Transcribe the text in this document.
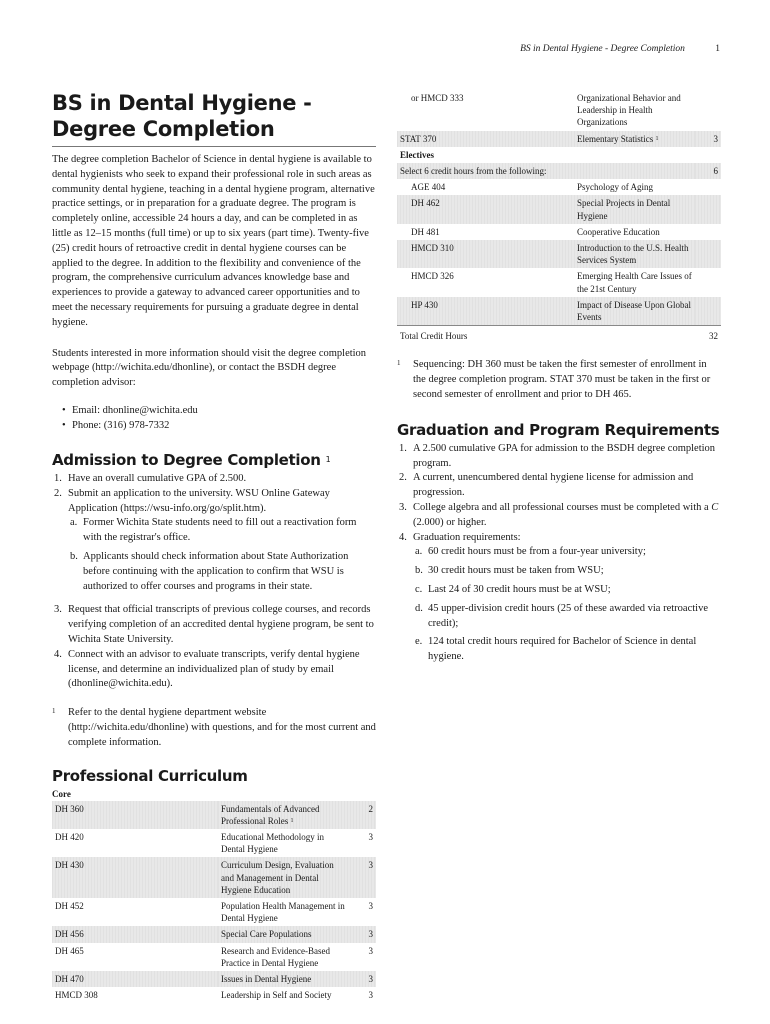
BS in Dental Hygiene - Degree Completion	1
BS in Dental Hygiene - Degree Completion

The degree completion Bachelor of Science in dental hygiene is available to dental hygienists who seek to expand their professional role in such areas as community dental hygiene, teaching in a dental hygiene program, alternative practice settings, or in preparation for a graduate degree. The program is completely online, accessible 24 hours a day, and can be completed in as little as 12–15 months (full time) or up to six years (part time). Twenty-five (25) credit hours of retroactive credit in dental hygiene courses can be applied to the degree. In addition to the flexibility and convenience of the program, the comprehensive curriculum advances knowledge base and experiences to provide a gateway to advanced career opportunities and to meet the necessary requirements for pursuing a graduate degree in dental hygiene.

Students interested in more information should visit the degree completion webpage (http://wichita.edu/dhonline), or contact the BSDH degree completion advisor:

• Email: dhonline@wichita.edu
• Phone: (316) 978-7332
Admission to Degree Completion $^1$
1. Have an overall cumulative GPA of 2.500.
2. Submit an application to the university. WSU Online Gateway Application (https://wsu-info.org/go/split.htm).
a. Former Wichita State students need to fill out a reactivation form with the registrar's office.
b. Applicants should check information about State Authorization before continuing with the application to confirm that WSU is authorized to offer courses and programs in their state.
3. Request that official transcripts of previous college courses, and records verifying completion of an accredited dental hygiene program, be sent to Wichita State University.
4. Connect with an advisor to evaluate transcripts, verify dental hygiene license, and determine an individualized plan of study by email (dhonline@wichita.edu).
1 Refer to the dental hygiene department website (http://wichita.edu/dhonline) with questions, and for the most current and complete information.
Professional Curriculum
Core
DH 360	Fundamentals of Advanced Professional Roles $^1$	2
DH 420	Educational Methodology in Dental Hygiene	3
DH 430	Curriculum Design, Evaluation and Management in Dental Hygiene Education	3
DH 452	Population Health Management in Dental Hygiene	3
DH 456	Special Care Populations	3
DH 465	Research and Evidence-Based Practice in Dental Hygiene	3
DH 470	Issues in Dental Hygiene	3
HMCD 308	Leadership in Self and Society	3
or HMCD 333	Organizational Behavior and Leadership in Health Organizations	
STAT 370	Elementary Statistics $^1$	3
Electives		
Select 6 credit hours from the following:		6
AGE 404	Psychology of Aging	
DH 462	Special Projects in Dental Hygiene	
DH 481	Cooperative Education	
HMCD 310	Introduction to the U.S. Health Services System	
HMCD 326	Emerging Health Care Issues of the 21st Century	
HP 430	Impact of Disease Upon Global Events	
Total Credit Hours		32
1 Sequencing: DH 360 must be taken the first semester of enrollment in the degree completion program. STAT 370 must be taken in the first or second semester of enrollment and prior to DH 465.
Graduation and Program Requirements
1. A 2.500 cumulative GPA for admission to the BSDH degree completion program.
2. A current, unencumbered dental hygiene license for admission and progression.
3. College algebra and all professional courses must be completed with a C (2.000) or higher.
4. Graduation requirements:
a. 60 credit hours must be from a four-year university;
b. 30 credit hours must be taken from WSU;
c. Last 24 of 30 credit hours must be at WSU;
d. 45 upper-division credit hours (25 of these awarded via retroactive credit);
e. 124 total credit hours required for Bachelor of Science in dental hygiene.
